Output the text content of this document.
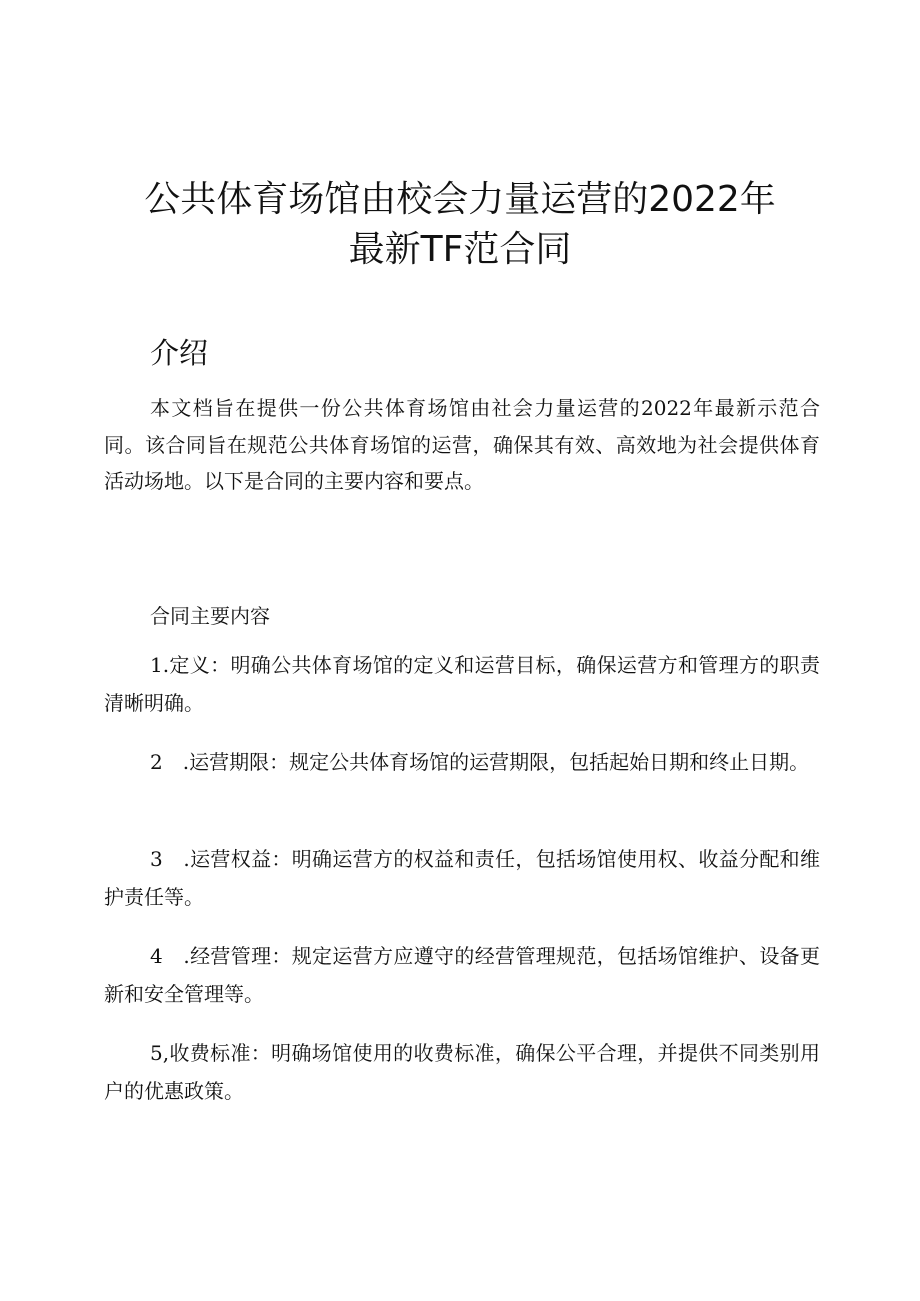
公共体育场馆由校会力量运营的2022年
最新TF范合同
介绍
本文档旨在提供一份公共体育场馆由社会力量运营的2022年最新示范合同。该合同旨在规范公共体育场馆的运营，确保其有效、高效地为社会提供体育活动场地。以下是合同的主要内容和要点。
合同主要内容
1.定义：明确公共体育场馆的定义和运营目标，确保运营方和管理方的职责清晰明确。
2　.运营期限：规定公共体育场馆的运营期限，包括起始日期和终止日期。
3　.运营权益：明确运营方的权益和责任，包括场馆使用权、收益分配和维护责任等。
4　.经营管理：规定运营方应遵守的经营管理规范，包括场馆维护、设备更新和安全管理等。
5,收费标准：明确场馆使用的收费标准，确保公平合理，并提供不同类别用户的优惠政策。
